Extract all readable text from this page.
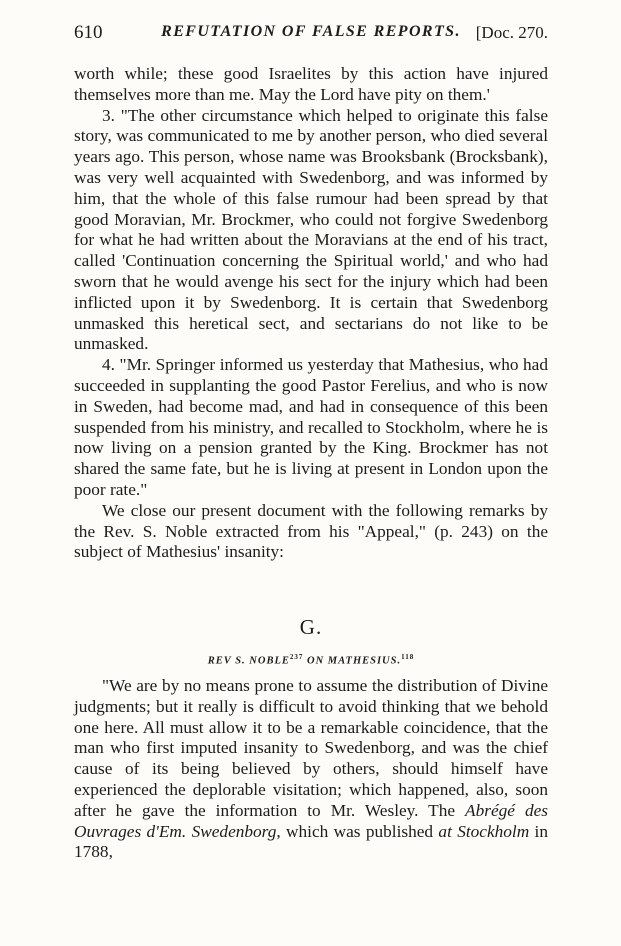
610	REFUTATION OF FALSE REPORTS. [Doc. 270.

worth while; these good Israelites by this action have injured themselves more than me. May the Lord have pity on them.'

3. "The other circumstance which helped to originate this false story, was communicated to me by another person, who died several years ago. This person, whose name was Brooksbank (Brocksbank), was very well acquainted with Swedenborg, and was informed by him, that the whole of this false rumour had been spread by that good Moravian, Mr. Brockmer, who could not forgive Swedenborg for what he had written about the Moravians at the end of his tract, called 'Continuation concerning the Spiritual world,' and who had sworn that he would avenge his sect for the injury which had been inflicted upon it by Swedenborg. It is certain that Swedenborg unmasked this heretical sect, and sectarians do not like to be unmasked.

4. "Mr. Springer informed us yesterday that Mathesius, who had succeeded in supplanting the good Pastor Ferelius, and who is now in Sweden, had become mad, and had in consequence of this been suspended from his ministry, and recalled to Stockholm, where he is now living on a pension granted by the King. Brockmer has not shared the same fate, but he is living at present in London upon the poor rate."

We close our present document with the following remarks by the Rev. S. Noble extracted from his "Appeal," (p. 243) on the subject of Mathesius' insanity:

G.
REV S. NOBLE$^{237}$ ON MATHESIUS.$^{118}$

"We are by no means prone to assume the distribution of Divine judgments; but it really is difficult to avoid thinking that we behold one here. All must allow it to be a remarkable coincidence, that the man who first imputed insanity to Swedenborg, and was the chief cause of its being believed by others, should himself have experienced the deplorable visitation; which happened, also, soon after he gave the information to Mr. Wesley. The Abrégé des Ouvrages d'Em. Swedenborg, which was published at Stockholm in 1788,
